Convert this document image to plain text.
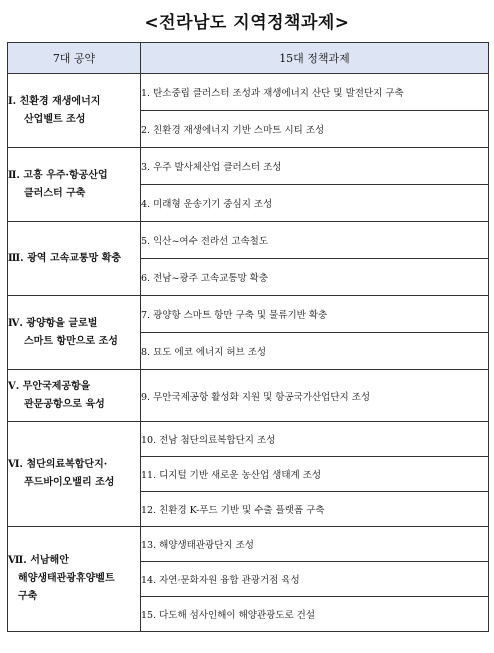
<전라남도 지역정책과제>
7대 공약	15대 정책과제

Ⅰ. 친환경 재생에너지
산업벨트 조성	1. 탄소중립 클러스터 조성과 재생에너지 산단 및 발전단지 구축
	2. 친환경 재생에너지 기반 스마트 시티 조성

Ⅱ. 고흥 우주·항공산업
클러스터 구축	3. 우주 발사체산업 클러스터 조성
	4. 미래형 운송기기 중심지 조성

Ⅲ. 광역 고속교통망 확충	5. 익산~여수 전라선 고속철도
	6. 전남~광주 고속교통망 확충

Ⅳ. 광양항을 글로벌
스마트 항만으로 조성	7. 광양항 스마트 항만 구축 및 물류기반 확충
	8. 묘도 에코 에너지 허브 조성

Ⅴ. 무안국제공항을
관문공항으로 육성	9. 무안국제공항 활성화 지원 및 항공국가산업단지 조성

Ⅵ. 첨단의료복합단지·
푸드바이오밸리 조성	10. 전남 첨단의료복합단지 조성
	11. 디지털 기반 새로운 농산업 생태계 조성
	12. 친환경 K-푸드 기반 및 수출 플랫폼 구축

Ⅶ. 서남해안
해양생태관광휴양벨트
구축	13. 해양생태관광단지 조성
	14. 자연·문화자원 융합 관광거점 육성
	15. 다도해 섬사인해이 해양관광도로 건설
